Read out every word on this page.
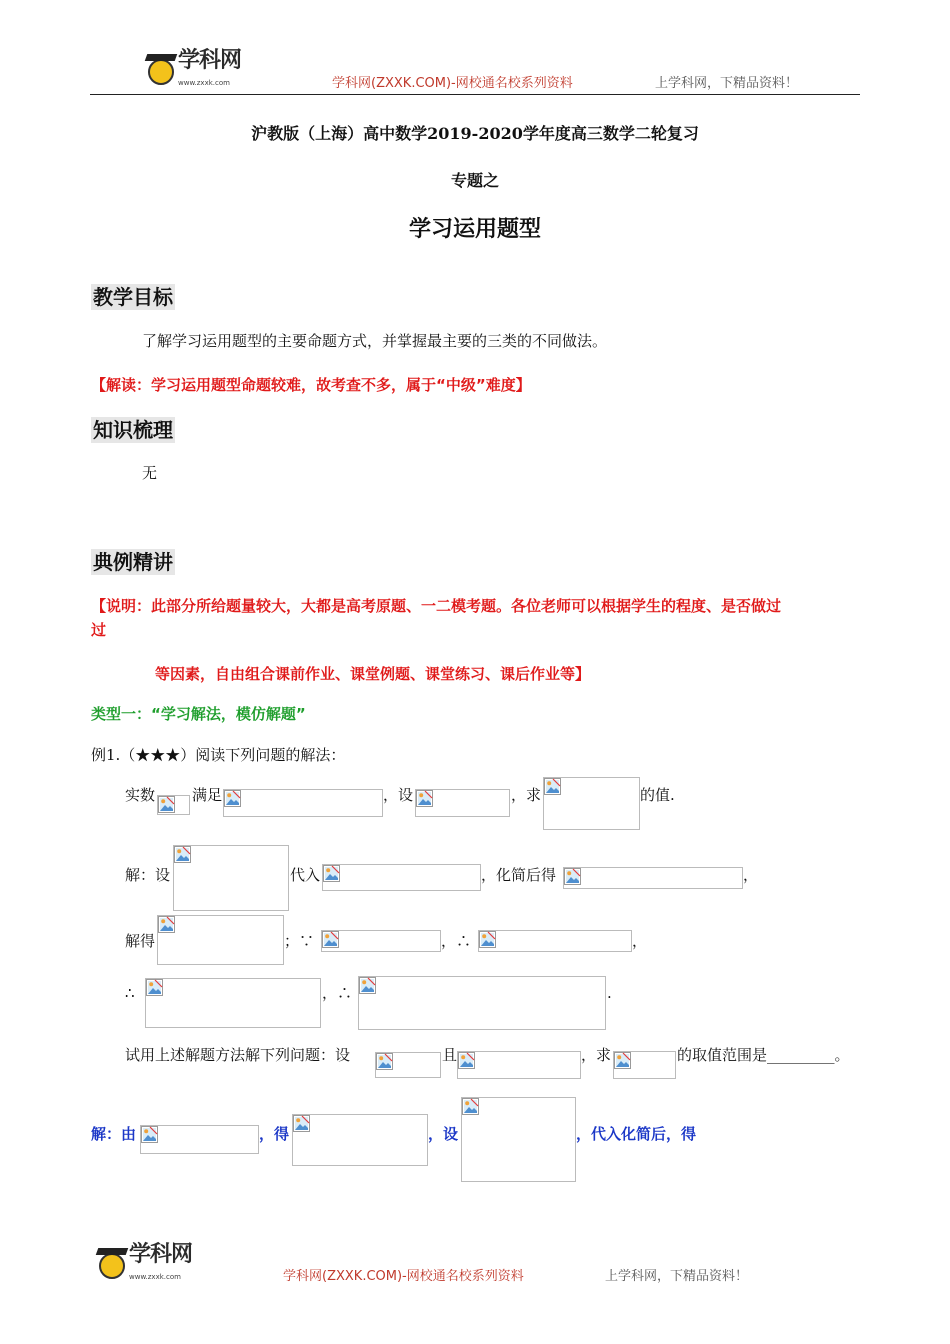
学科网
www.zxxk.com	学科网(ZXXK.COM)-网校通名校系列资料	上学科网，下精品资料！
沪教版（上海）高中数学2019-2020学年度高三数学二轮复习
专题之
学习运用题型
教学目标
了解学习运用题型的主要命题方式，并掌握最主要的三类的不同做法。
【解读：学习运用题型命题较难，故考查不多，属于“中级”难度】
知识梳理
无
典例精讲
【说明：此部分所给题量较大，大都是高考原题、一二模考题。各位老师可以根据学生的程度、是否做过
过
等因素，自由组合课前作业、课堂例题、课堂练习、课后作业等】
类型一：“学习解法，模仿解题”
例1.（★★★）阅读下列问题的解法：
实数 满足	，设	，求	的值.
解：设	代入	，化简后得	，
解得	；∵	，∴	，
∴	，∴	.
试用上述解题方法解下列问题：设	且	，求	的取值范围是_________。
解：由	，得	，设	，代入化简后，得
学科网
www.zxxk.com	学科网(ZXXK.COM)-网校通名校系列资料	上学科网，下精品资料！
